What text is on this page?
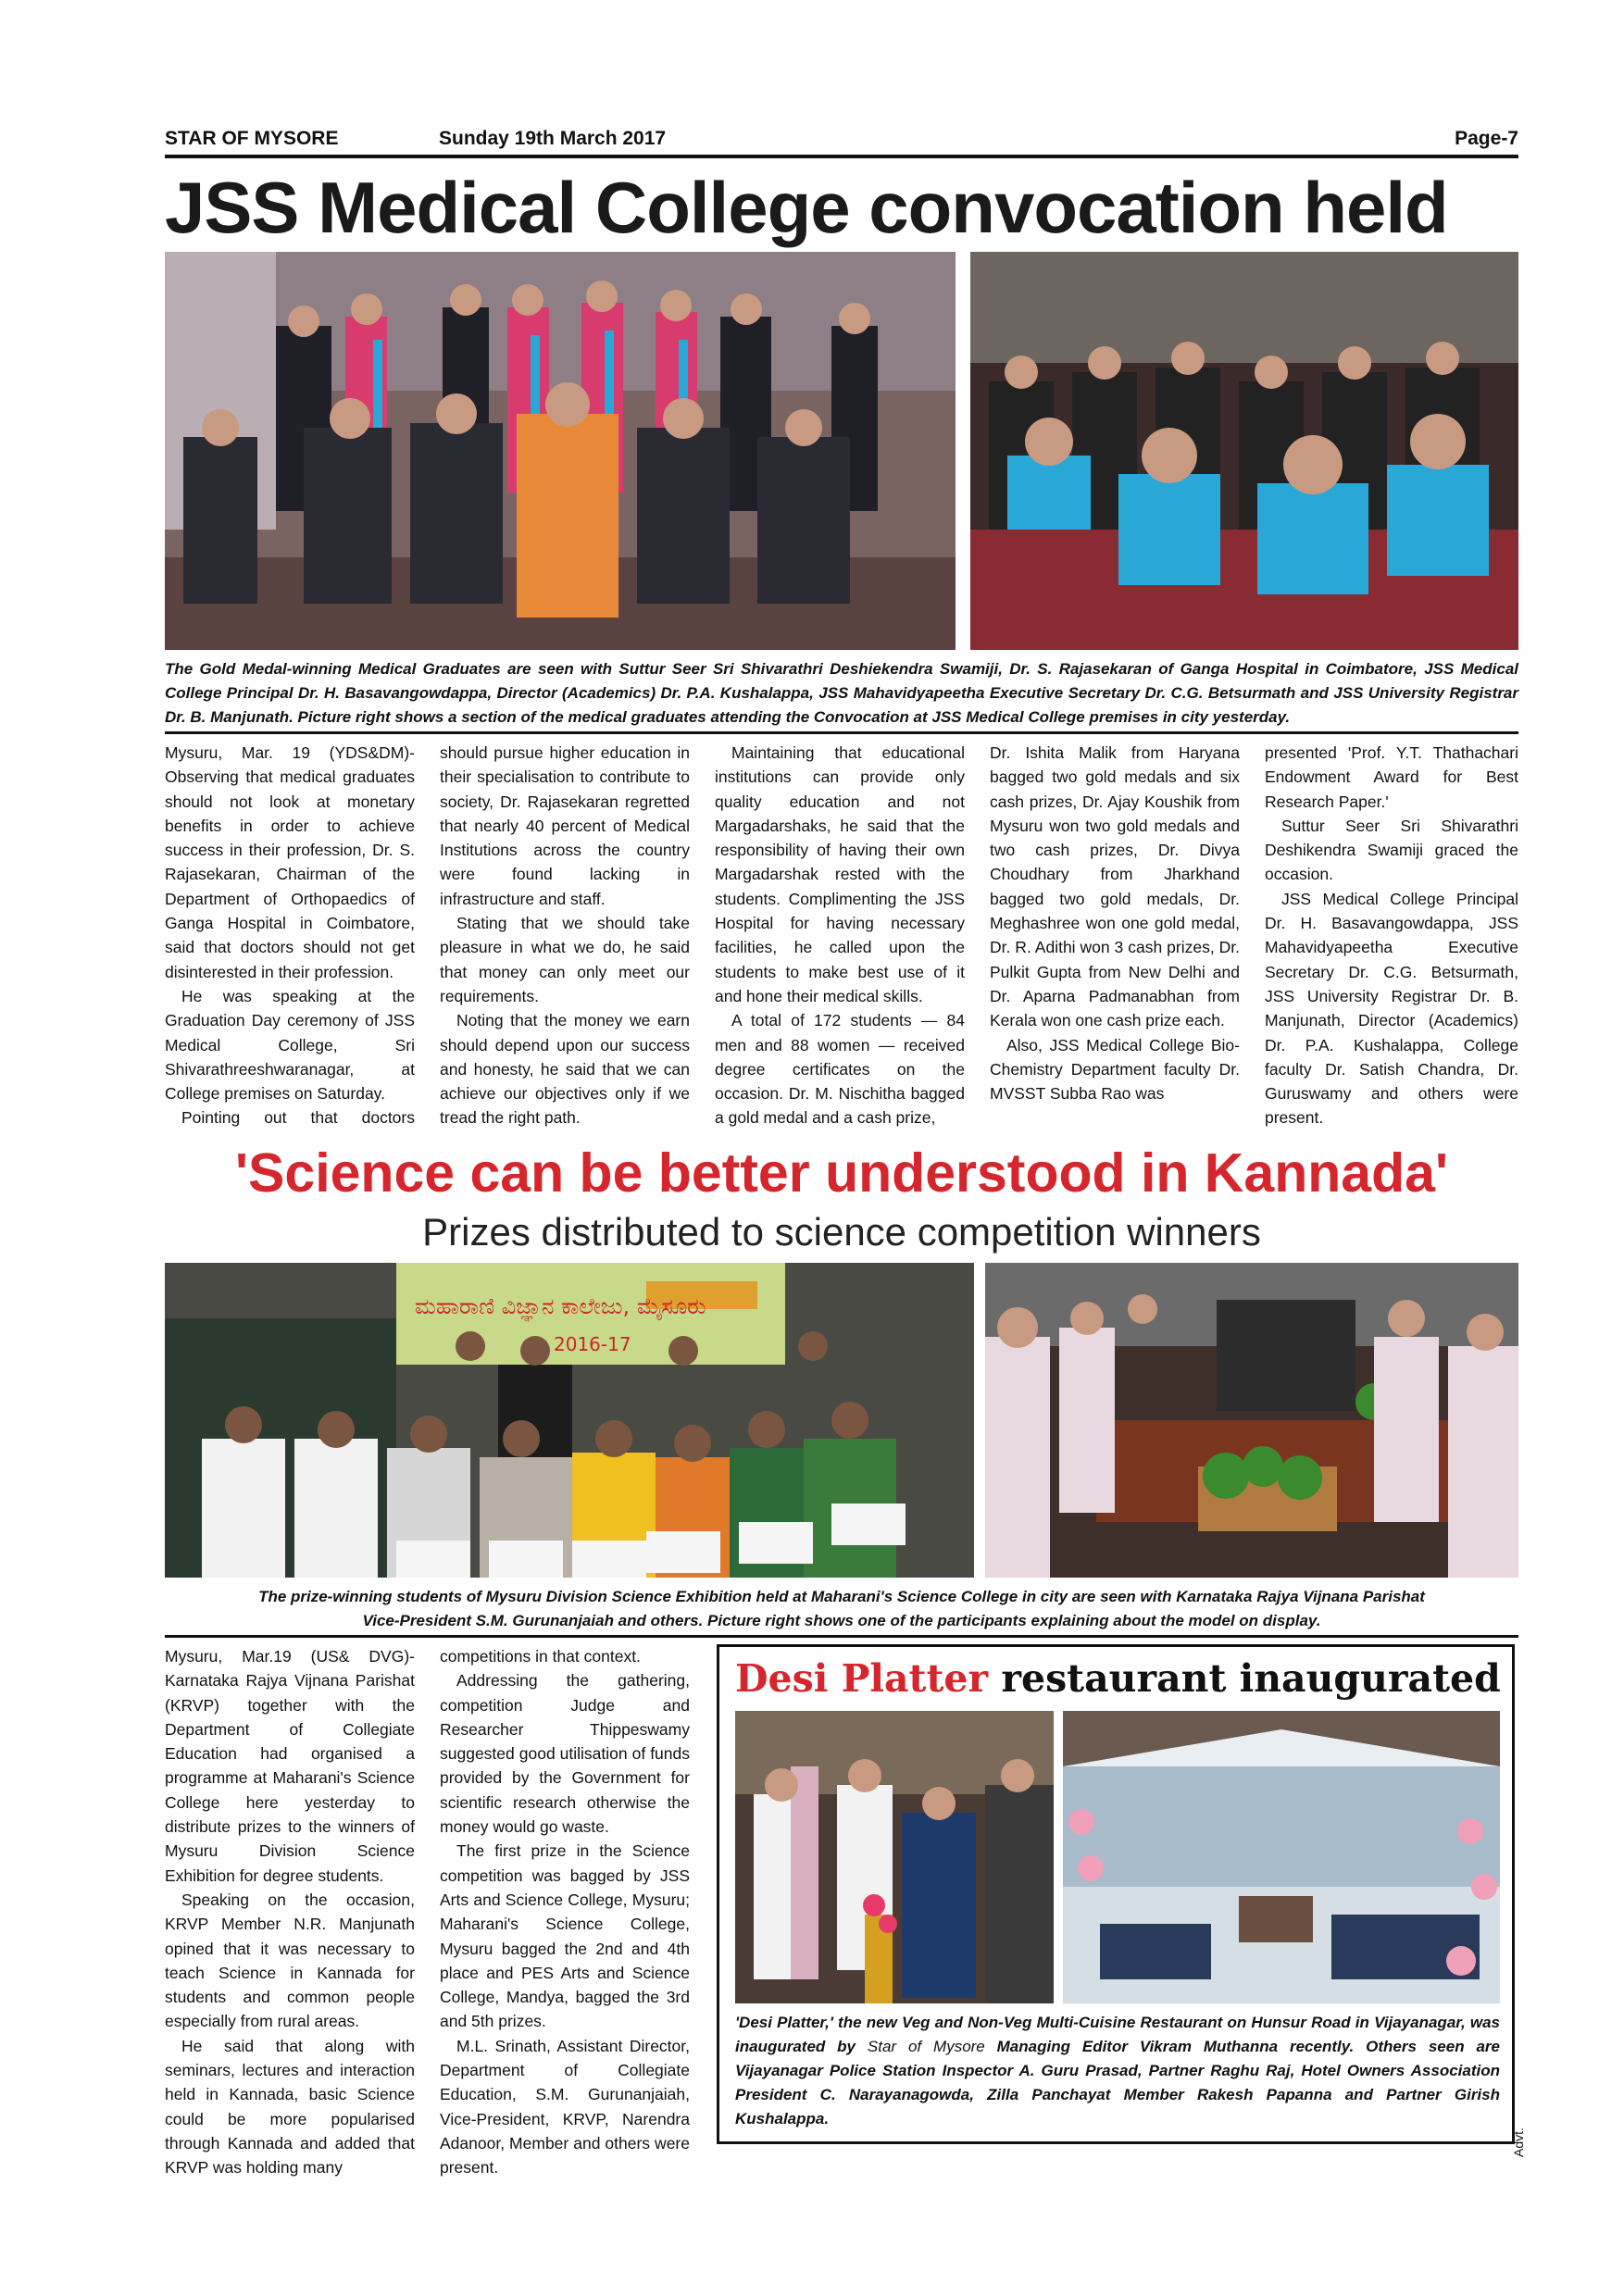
STAR OF MYSORE	Sunday 19th March 2017	Page-7
JSS Medical College convocation held
The Gold Medal-winning Medical Graduates are seen with Suttur Seer Sri Shivarathri Deshiekendra Swamiji, Dr. S. Rajasekaran of Ganga Hospital in Coimbatore, JSS Medical College Principal Dr. H. Basavangowdappa, Director (Academics) Dr. P.A. Kushalappa, JSS Mahavidyapeetha Executive Secretary Dr. C.G. Betsurmath and JSS University Registrar Dr. B. Manjunath. Picture right shows a section of the medical graduates attending the Convocation at JSS Medical College premises in city yesterday.

Mysuru, Mar. 19 (YDS&DM)- Observing that medical graduates should not look at monetary benefits in order to achieve success in their profession, Dr. S. Rajasekaran, Chairman of the Department of Orthopaedics of Ganga Hospital in Coimbatore, said that doctors should not get disinterested in their profession.

He was speaking at the Graduation Day ceremony of JSS Medical College, Sri Shivarathreeshwaranagar, at College premises on Saturday.

Pointing out that doctors

should pursue higher education in their specialisation to contribute to society, Dr. Rajasekaran regretted that nearly 40 percent of Medical Institutions across the country were found lacking in infrastructure and staff.

Stating that we should take pleasure in what we do, he said that money can only meet our requirements.

Noting that the money we earn should depend upon our success and honesty, he said that we can achieve our objectives only if we tread the right path.

Maintaining that educational institutions can provide only quality education and not Margadarshaks, he said that the responsibility of having their own Margadarshak rested with the students. Complimenting the JSS Hospital for having necessary facilities, he called upon the students to make best use of it and hone their medical skills.

A total of 172 students — 84 men and 88 women — received degree certificates on the occasion. Dr. M. Nischitha bagged a gold medal and a cash prize,

Dr. Ishita Malik from Haryana bagged two gold medals and six cash prizes, Dr. Ajay Koushik from Mysuru won two gold medals and two cash prizes, Dr. Divya Choudhary from Jharkhand bagged two gold medals, Dr. Meghashree won one gold medal, Dr. R. Adithi won 3 cash prizes, Dr. Pulkit Gupta from New Delhi and Dr. Aparna Padmanabhan from Kerala won one cash prize each.

Also, JSS Medical College Bio-Chemistry Department faculty Dr. MVSST Subba Rao was

presented 'Prof. Y.T. Thathachari Endowment Award for Best Research Paper.'

Suttur Seer Sri Shivarathri Deshikendra Swamiji graced the occasion.

JSS Medical College Principal Dr. H. Basavangowdappa, JSS Mahavidyapeetha Executive Secretary Dr. C.G. Betsurmath, JSS University Registrar Dr. B. Manjunath, Director (Academics) Dr. P.A. Kushalappa, College faculty Dr. Satish Chandra, Dr. Guruswamy and others were present.

'Science can be better understood in Kannada'
Prizes distributed to science competition winners
ಮಹಾರಾಣಿ ವಿಜ್ಞಾನ ಕಾಲೇಜು, ಮೈಸೂರು
2016-17
The prize-winning students of Mysuru Division Science Exhibition held at Maharani's Science College in city are seen with Karnataka Rajya Vijnana Parishat
Vice-President S.M. Gurunanjaiah and others. Picture right shows one of the participants explaining about the model on display.

Mysuru, Mar.19 (US& DVG)- Karnataka Rajya Vijnana Parishat (KRVP) together with the Department of Collegiate Education had organised a programme at Maharani's Science College here yesterday to distribute prizes to the winners of Mysuru Division Science Exhibition for degree students.

Speaking on the occasion, KRVP Member N.R. Manjunath opined that it was necessary to teach Science in Kannada for students and common people especially from rural areas.

He said that along with seminars, lectures and interaction held in Kannada, basic Science could be more popularised through Kannada and added that KRVP was holding many

competitions in that context.

Addressing the gathering, competition Judge and Researcher Thippeswamy suggested good utilisation of funds provided by the Government for scientific research otherwise the money would go waste.

The first prize in the Science competition was bagged by JSS Arts and Science College, Mysuru; Maharani's Science College, Mysuru bagged the 2nd and 4th place and PES Arts and Science College, Mandya, bagged the 3rd and 5th prizes.

M.L. Srinath, Assistant Director, Department of Collegiate Education, S.M. Gurunanjaiah, Vice-President, KRVP, Narendra Adanoor, Member and others were present.

Desi Platter restaurant inaugurated
'Desi Platter,' the new Veg and Non-Veg Multi-Cuisine Restaurant on Hunsur Road in Vijayanagar, was inaugurated by Star of Mysore Managing Editor Vikram Muthanna recently. Others seen are Vijayanagar Police Station Inspector A. Guru Prasad, Partner Raghu Raj, Hotel Owners Association President C. Narayanagowda, Zilla Panchayat Member Rakesh Papanna and Partner Girish Kushalappa.
Advt.
